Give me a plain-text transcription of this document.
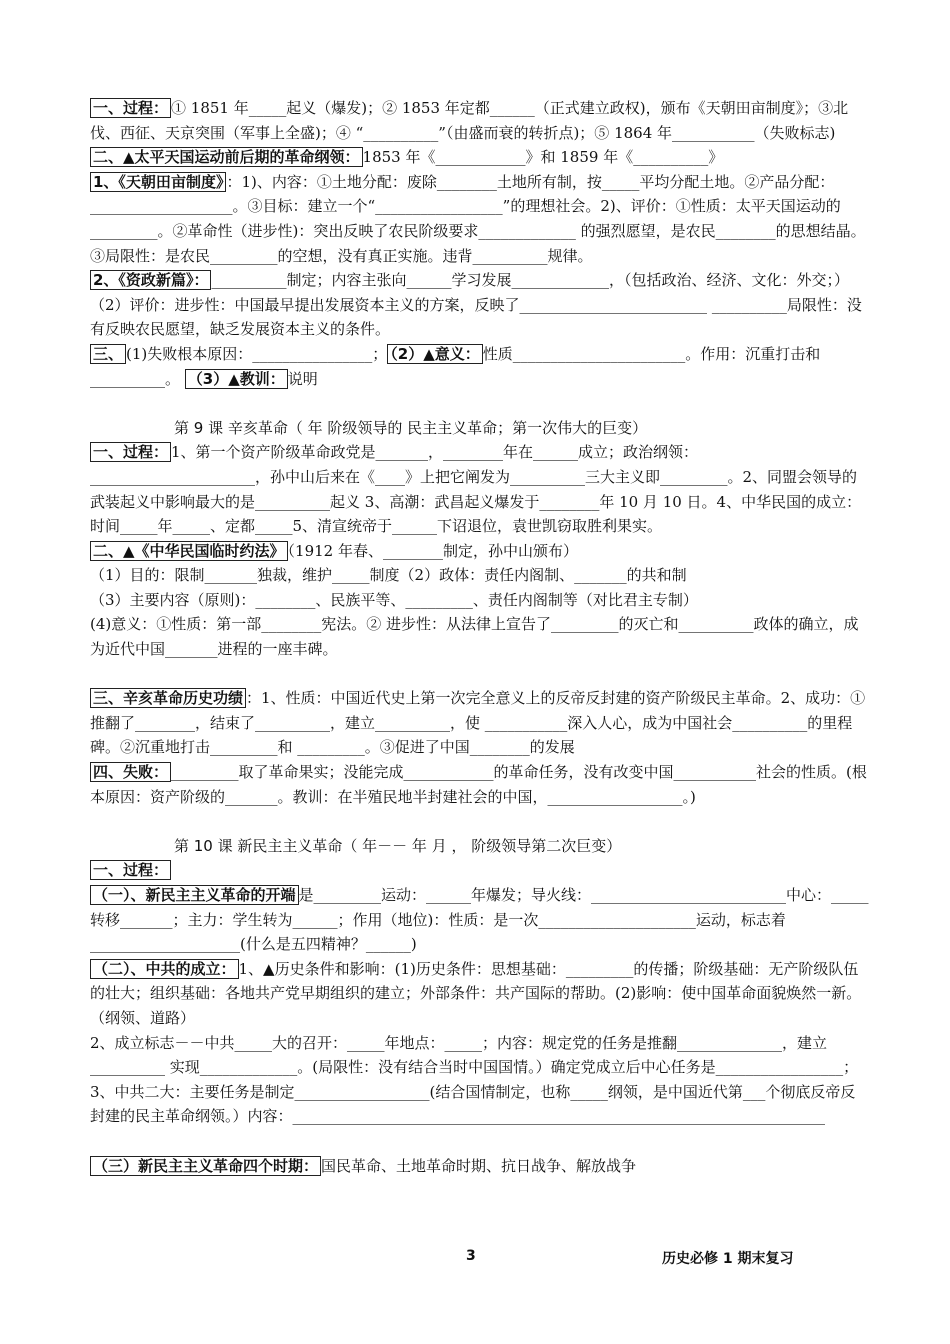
一、过程： ① 1851 年_____起义（爆发)；② 1853 年定都______（正式建立政权)，颁布《天朝田亩制度》；③北伐、西征、天京突围（军事上全盛)；④ “__________”（由盛而衰的转折点)；⑤ 1864 年___________（失败标志)

二、▲太平天国运动前后期的革命纲领： 1853 年《____________》和 1859 年《__________》

1、《天朝田亩制度》 ：1)、内容：①土地分配：废除________土地所有制，按_____平均分配土地。②产品分配：___________________。③目标：建立一个“_________________”的理想社会。2)、评价：①性质：太平天国运动的_________。②革命性（进步性)：突出反映了农民阶级要求_____________ 的强烈愿望，是农民________的思想结晶。③局限性：是农民_________的空想，没有真正实施。违背__________规律。

2、《资政新篇》： __________制定；内容主张向______学习发展_____________，（包括政治、经济、文化：外交；）（2）评价：进步性：中国最早提出发展资本主义的方案，反映了_________________________ __________局限性：没有反映农民愿望，缺乏发展资本主义的条件。

三、 (1)失败根本原因：________________； （2）▲意义： 性质_______________________。作用：沉重打击和 __________。 （3）▲教训： 说明

第 9 课 辛亥革命（ 年 阶级领导的 民主主义革命；第一次伟大的巨变）

一、过程： 1、第一个资产阶级革命政党是_______，________年在______成立；政治纲领：______________________，孙中山后来在《____》上把它阐发为__________三大主义即_________。2、同盟会领导的武装起义中影响最大的是__________起义 3、高潮：武昌起义爆发于________年 10 月 10 日。4、中华民国的成立：时间_____年_____、定都_____5、清宣统帝于______下诏退位，袁世凯窃取胜利果实。

二、▲《中华民国临时约法》 （1912 年春、________制定，孙中山颁布）

（1）目的：限制_______独裁，维护_____制度（2）政体：责任内阁制、_______的共和制

（3）主要内容（原则)：________、民族平等、_________、责任内阁制等（对比君主专制）

(4)意义：①性质：第一部________宪法。② 进步性：从法律上宣告了_________的灭亡和__________政体的确立，成为近代中国_______进程的一座丰碑。

三、辛亥革命历史功绩 ：1、性质：中国近代史上第一次完全意义上的反帝反封建的资产阶级民主革命。2、成功：①推翻了________，结束了__________，建立__________，使 ___________深入人心，成为中国社会__________的里程碑。②沉重地打击_________和 _________。③促进了中国________的发展

四、失败： _________取了革命果实；没能完成____________的革命任务，没有改变中国___________社会的性质。(根本原因：资产阶级的_______。教训：在半殖民地半封建社会的中国，__________________。)

第 10 课 新民主主义革命（ 年－－ 年 月 ， 阶级领导第二次巨变）

一、过程：

（一）、新民主主义革命的开端 是_________运动：______年爆发；导火线：__________________________中心：_____转移_______；主力：学生转为______；作用（地位)：性质：是一次_____________________运动，标志着____________________(什么是五四精神？______)

（二）、中共的成立： 1、▲历史条件和影响：(1)历史条件：思想基础：_________的传播；阶级基础：无产阶级队伍的壮大；组织基础：各地共产党早期组织的建立；外部条件：共产国际的帮助。(2)影响：使中国革命面貌焕然一新。（纲领、道路）

2、成立标志－－中共_____大的召开：_____年地点：_____；内容：规定党的任务是推翻______________，建立__________ 实现_____________。(局限性：没有结合当时中国国情。）确定党成立后中心任务是_________________；3、中共二大：主要任务是制定__________________(结合国情制定，也称_____纲领，是中国近代第___个彻底反帝反封建的民主革命纲领。）内容：_______________________________________________________________________

（三）新民主主义革命四个时期： 国民革命、土地革命时期、抗日战争、解放战争

3	历史必修 1 期末复习
